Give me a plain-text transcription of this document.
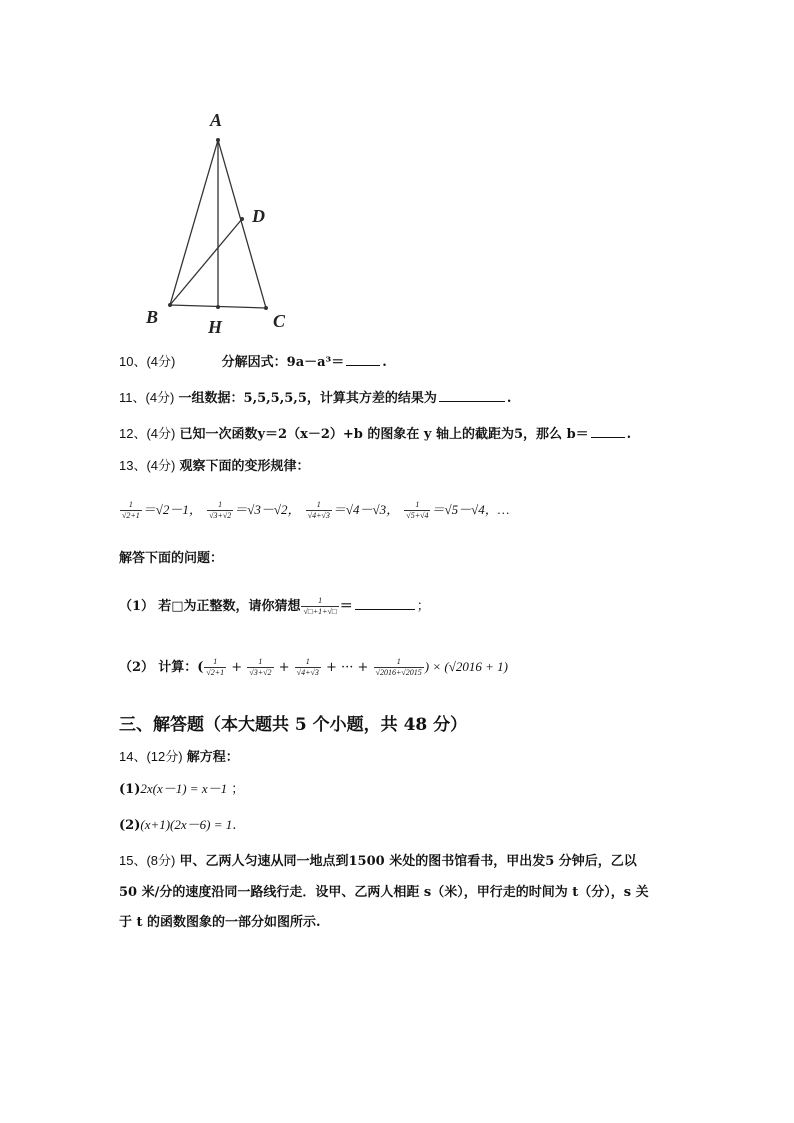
A
D
B	H	C
10、(4分)	分解因式：9a－a³＝	.
11、(4分) 一组数据：5,5,5,5,5，计算其方差的结果为	.
12、(4分) 已知一次函数y＝2（x－2）+b 的图象在 y 轴上的截距为5，那么 b＝	.
13、(4分) 观察下面的变形规律：
$\frac{1}{√2+1} =√2-1$， $\frac{1}{√3+√2} =√3-√2$， $\frac{1}{√4+√3} =√4-√3$， $\frac{1}{√5+√4} =√5-√4$，…
解答下面的问题：
（1） 若□为正整数，请你猜想 $\frac{1}{√□+1+√□}$ ＝	；
（2） 计算：( $\frac{1}{√2+1} + \frac{1}{√3+√2} + \frac{1}{√4+√3}$ + ··· + $\frac{1}{√2016+√2015}$ ) × (√2016 + 1)
三、解答题（本大题共 5 个小题，共 48 分）
14、(12分) 解方程：
(1)2x(x－1) = x－1 ；
(2)(x+1)(2x－6) = 1.
15、(8分) 甲、乙两人匀速从同一地点到1500 米处的图书馆看书，甲出发5 分钟后，乙以
50 米/分的速度沿同一路线行走．设甲、乙两人相距 s（米），甲行走的时间为 t（分），s 关
于 t 的函数图象的一部分如图所示.
